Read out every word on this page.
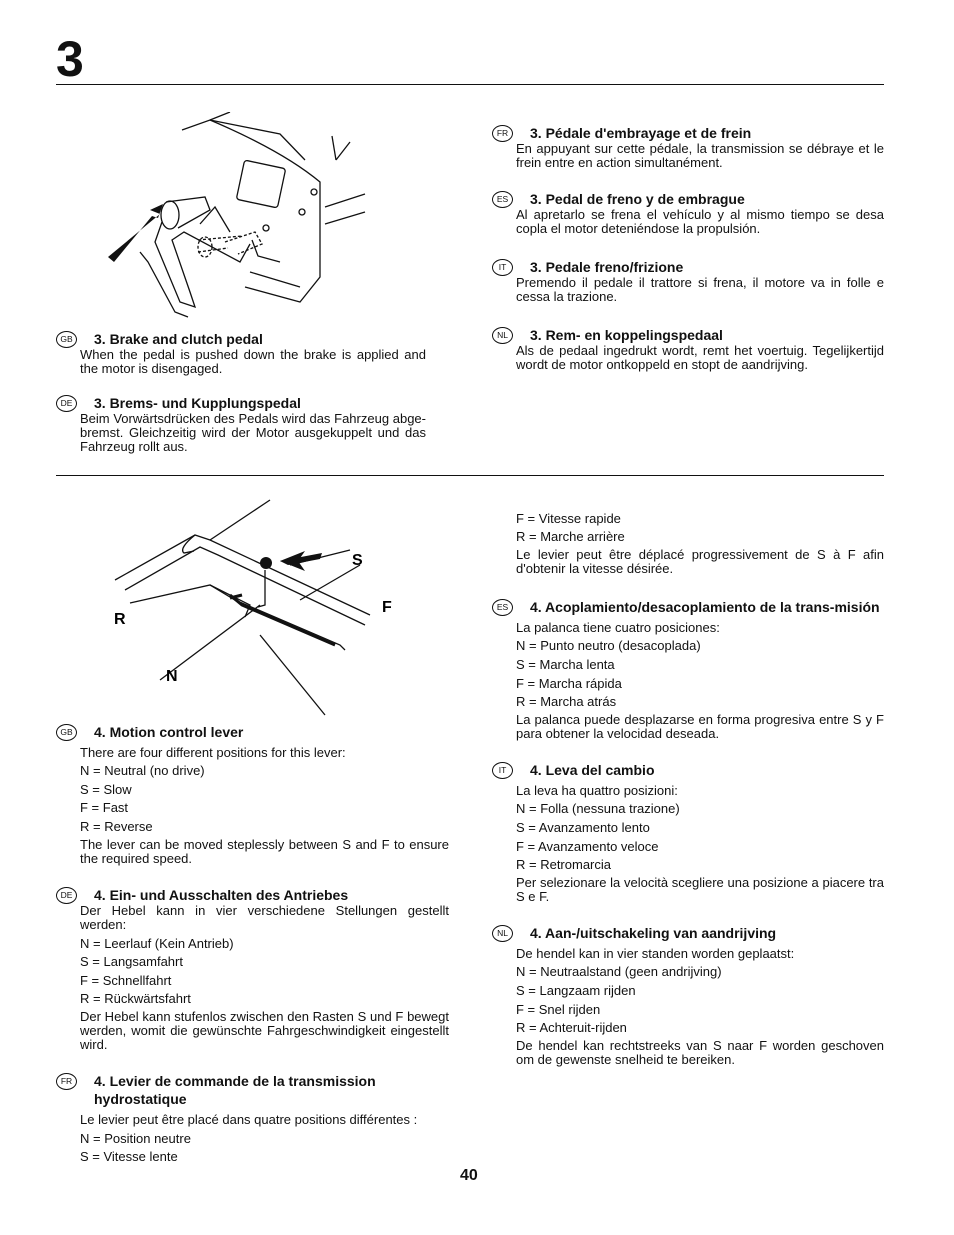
3
S
F
R
N
GB	3. Brake and clutch pedal
When the pedal is pushed down the brake is applied and the motor is disengaged.
DE	3. Brems- und Kupplungspedal
Beim Vorwärtsdrücken des Pedals wird das Fahrzeug abge-bremst. Gleichzeitig wird der Motor ausgekuppelt und das Fahrzeug rollt aus.
FR	3. Pédale d'embrayage et de frein
En appuyant sur cette pédale, la transmission se débraye et le frein entre en action simultanément.
ES	3. Pedal de freno y de embrague
Al apretarlo se frena el vehículo y al mismo tiempo se desa copla el motor deteniéndose la propulsión.
IT	3. Pedale freno/frizione
Premendo il pedale il trattore si frena, il motore va in folle e cessa la trazione.
NL	3. Rem- en koppelingspedaal
Als de pedaal ingedrukt wordt, remt het voertuig. Tegelijkertijd wordt de motor ontkoppeld en stopt de aandrijving.
GB	4. Motion control lever
There are four different positions for this lever:
N = Neutral (no drive)
S = Slow
F = Fast
R = Reverse
The lever can be moved steplessly between S and F to ensure the required speed.
DE	4. Ein- und Ausschalten des Antriebes
Der Hebel kann in vier verschiedene Stellungen gestellt werden:
N = Leerlauf (Kein Antrieb)
S = Langsamfahrt
F = Schnellfahrt
R = Rückwärtsfahrt
Der Hebel kann stufenlos zwischen den Rasten S und F bewegt werden, womit die gewünschte Fahrgeschwindigkeit eingestellt wird.
FR	4. Levier de commande de la transmission hydrostatique
Le levier peut être placé dans quatre positions différentes :
N = Position neutre
S = Vitesse lente
F = Vitesse rapide
R = Marche arrière
Le levier peut être déplacé progressivement de S à F afin d'obtenir la vitesse désirée.
ES	4. Acoplamiento/desacoplamiento de la trans-misión
La palanca tiene cuatro posiciones:
N = Punto neutro (desacoplada)
S = Marcha lenta
F = Marcha rápida
R = Marcha atrás
La palanca puede desplazarse en forma progresiva entre S y F para obtener la velocidad deseada.
IT	4. Leva del cambio
La leva ha quattro posizioni:
N = Folla (nessuna trazione)
S = Avanzamento lento
F = Avanzamento veloce
R = Retromarcia
Per selezionare la velocità scegliere una posizione a piacere tra S e F.
NL	4. Aan-/uitschakeling van aandrijving
De hendel kan in vier standen worden geplaatst:
N = Neutraalstand (geen andrijving)
S = Langzaam rijden
F = Snel rijden
R = Achteruit-rijden
De hendel kan rechtstreeks van S naar F worden geschoven om de gewenste snelheid te bereiken.
40
